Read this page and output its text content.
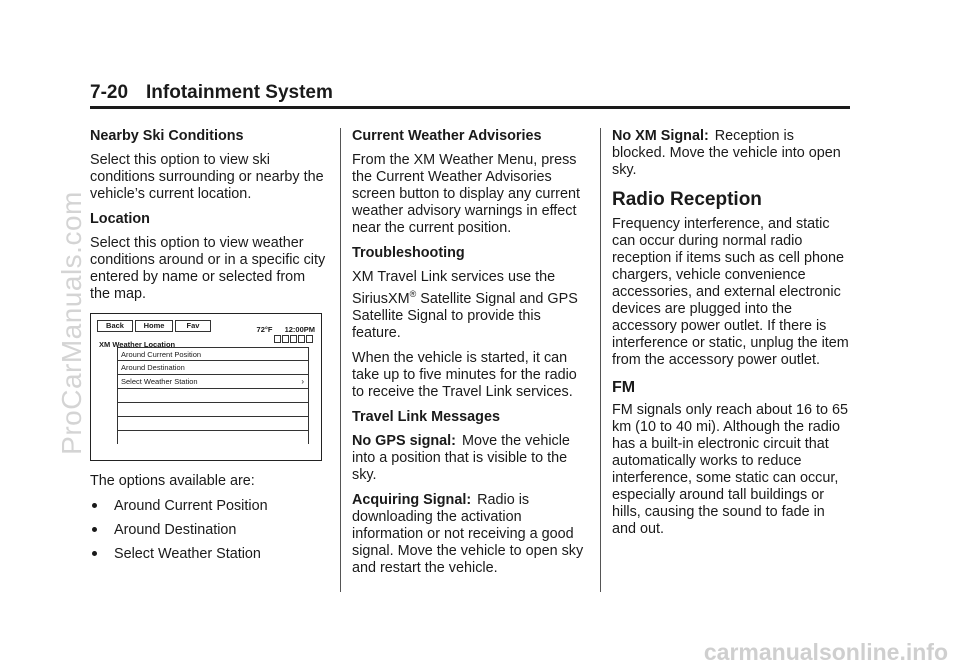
ProCarManuals.com
7-20 Infotainment System
Nearby Ski Conditions

Select this option to view ski conditions surrounding or nearby the vehicle’s current location.

Location

Select this option to view weather conditions around or in a specific city entered by name or selected from the map.

Back	Home	Fav	72°F 12:00PM
XM Weather Location
Around Current Position
Around Destination
Select Weather Station	›

The options available are:

Around Current Position
Around Destination
Select Weather Station
Current Weather Advisories

From the XM Weather Menu, press the Current Weather Advisories screen button to display any current weather advisory warnings in effect near the current position.

Troubleshooting

XM Travel Link services use the SiriusXM® Satellite Signal and GPS Satellite Signal to provide this feature.

When the vehicle is started, it can take up to five minutes for the radio to receive the Travel Link services.

Travel Link Messages

No GPS signal: Move the vehicle into a position that is visible to the sky.

Acquiring Signal: Radio is downloading the activation information or not receiving a good signal. Move the vehicle to open sky and restart the vehicle.

No XM Signal: Reception is blocked. Move the vehicle into open sky.

Radio Reception

Frequency interference, and static can occur during normal radio reception if items such as cell phone chargers, vehicle convenience accessories, and external electronic devices are plugged into the accessory power outlet. If there is interference or static, unplug the item from the accessory power outlet.

FM

FM signals only reach about 16 to 65 km (10 to 40 mi). Although the radio has a built-in electronic circuit that automatically works to reduce interference, some static can occur, especially around tall buildings or hills, causing the sound to fade in and out.

carmanualsonline.info
